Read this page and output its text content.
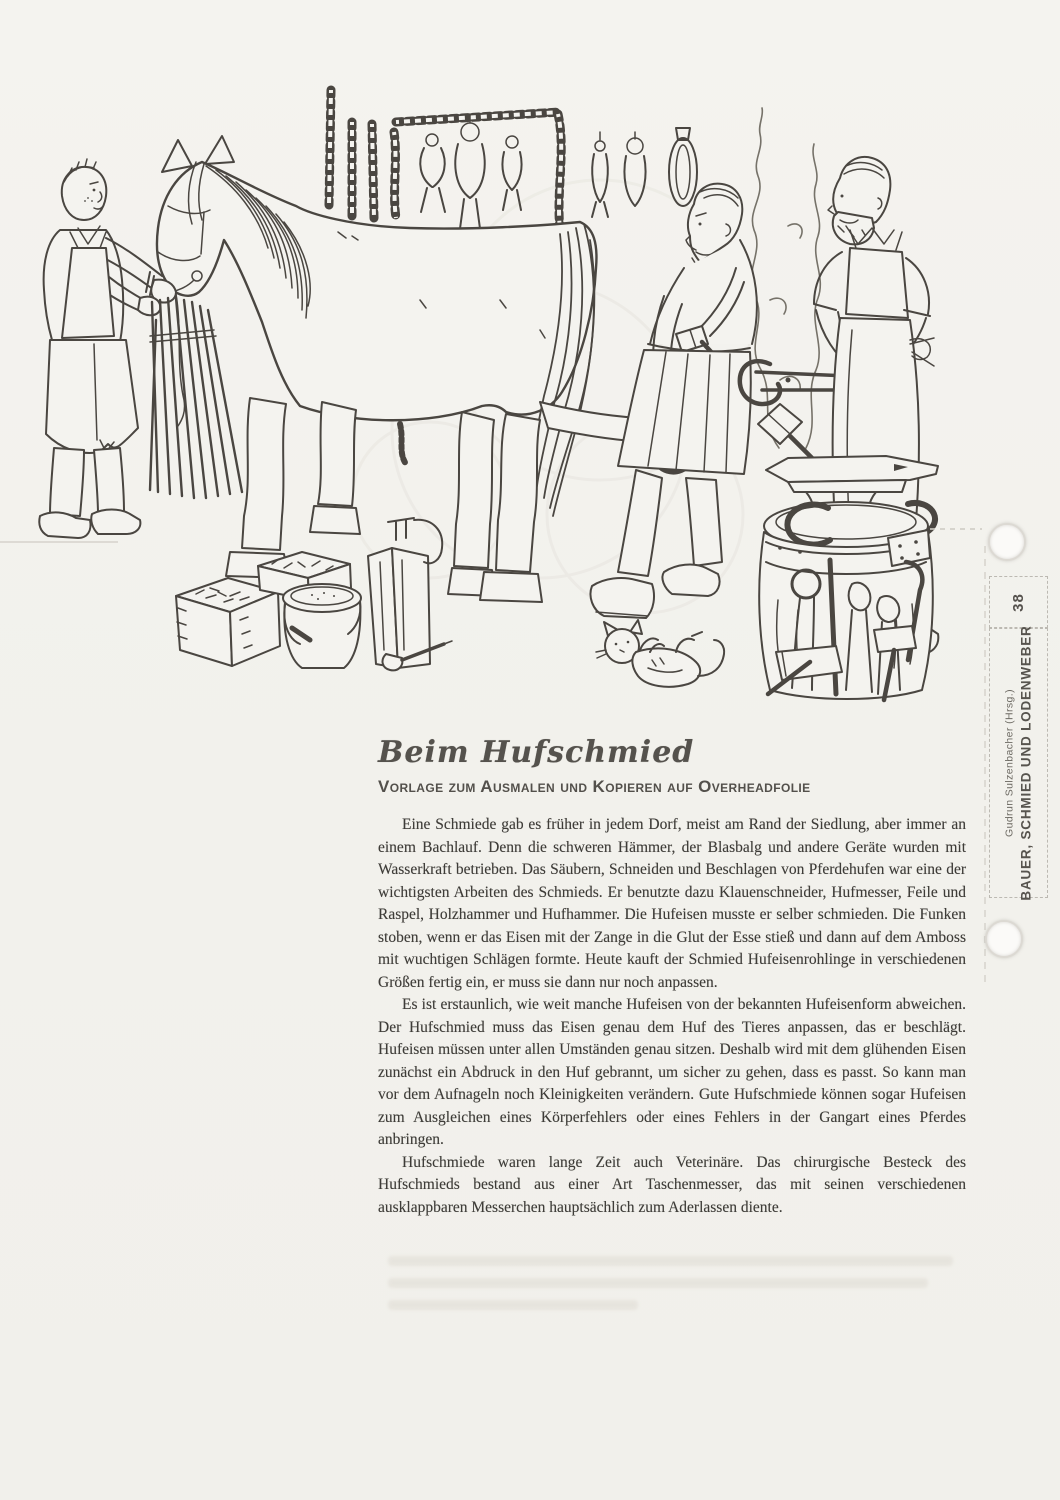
38
Gudrun Sulzenbacher (Hrsg.) BAUER, SCHMIED UND LODENWEBER
Beim Hufschmied
Vorlage zum Ausmalen und Kopieren auf Overheadfolie

Eine Schmiede gab es früher in jedem Dorf, meist am Rand der Siedlung, aber immer an einem Bachlauf. Denn die schweren Hämmer, der Blasbalg und andere Geräte wurden mit Wasserkraft betrieben. Das Säubern, Schneiden und Beschlagen von Pferdehufen war eine der wichtigsten Arbeiten des Schmieds. Er benutzte dazu Klauenschneider, Hufmesser, Feile und Raspel, Holzhammer und Hufhammer. Die Hufeisen musste er selber schmieden. Die Funken stoben, wenn er das Eisen mit der Zange in die Glut der Esse stieß und dann auf dem Amboss mit wuchtigen Schlägen formte. Heute kauft der Schmied Hufeisenrohlinge in verschiedenen Größen fertig ein, er muss sie dann nur noch anpassen.

Es ist erstaunlich, wie weit manche Hufeisen von der bekannten Hufeisenform abweichen. Der Hufschmied muss das Eisen genau dem Huf des Tieres anpassen, das er beschlägt. Hufeisen müssen unter allen Umständen genau sitzen. Deshalb wird mit dem glühenden Eisen zunächst ein Abdruck in den Huf gebrannt, um sicher zu gehen, dass es passt. So kann man vor dem Aufnageln noch Kleinigkeiten verändern. Gute Hufschmiede können sogar Hufeisen zum Ausgleichen eines Körperfehlers oder eines Fehlers in der Gangart eines Pferdes anbringen.

Hufschmiede waren lange Zeit auch Veterinäre. Das chirurgische Besteck des Hufschmieds bestand aus einer Art Taschenmesser, das mit seinen verschiedenen ausklappbaren Messerchen hauptsächlich zum Aderlassen diente.
